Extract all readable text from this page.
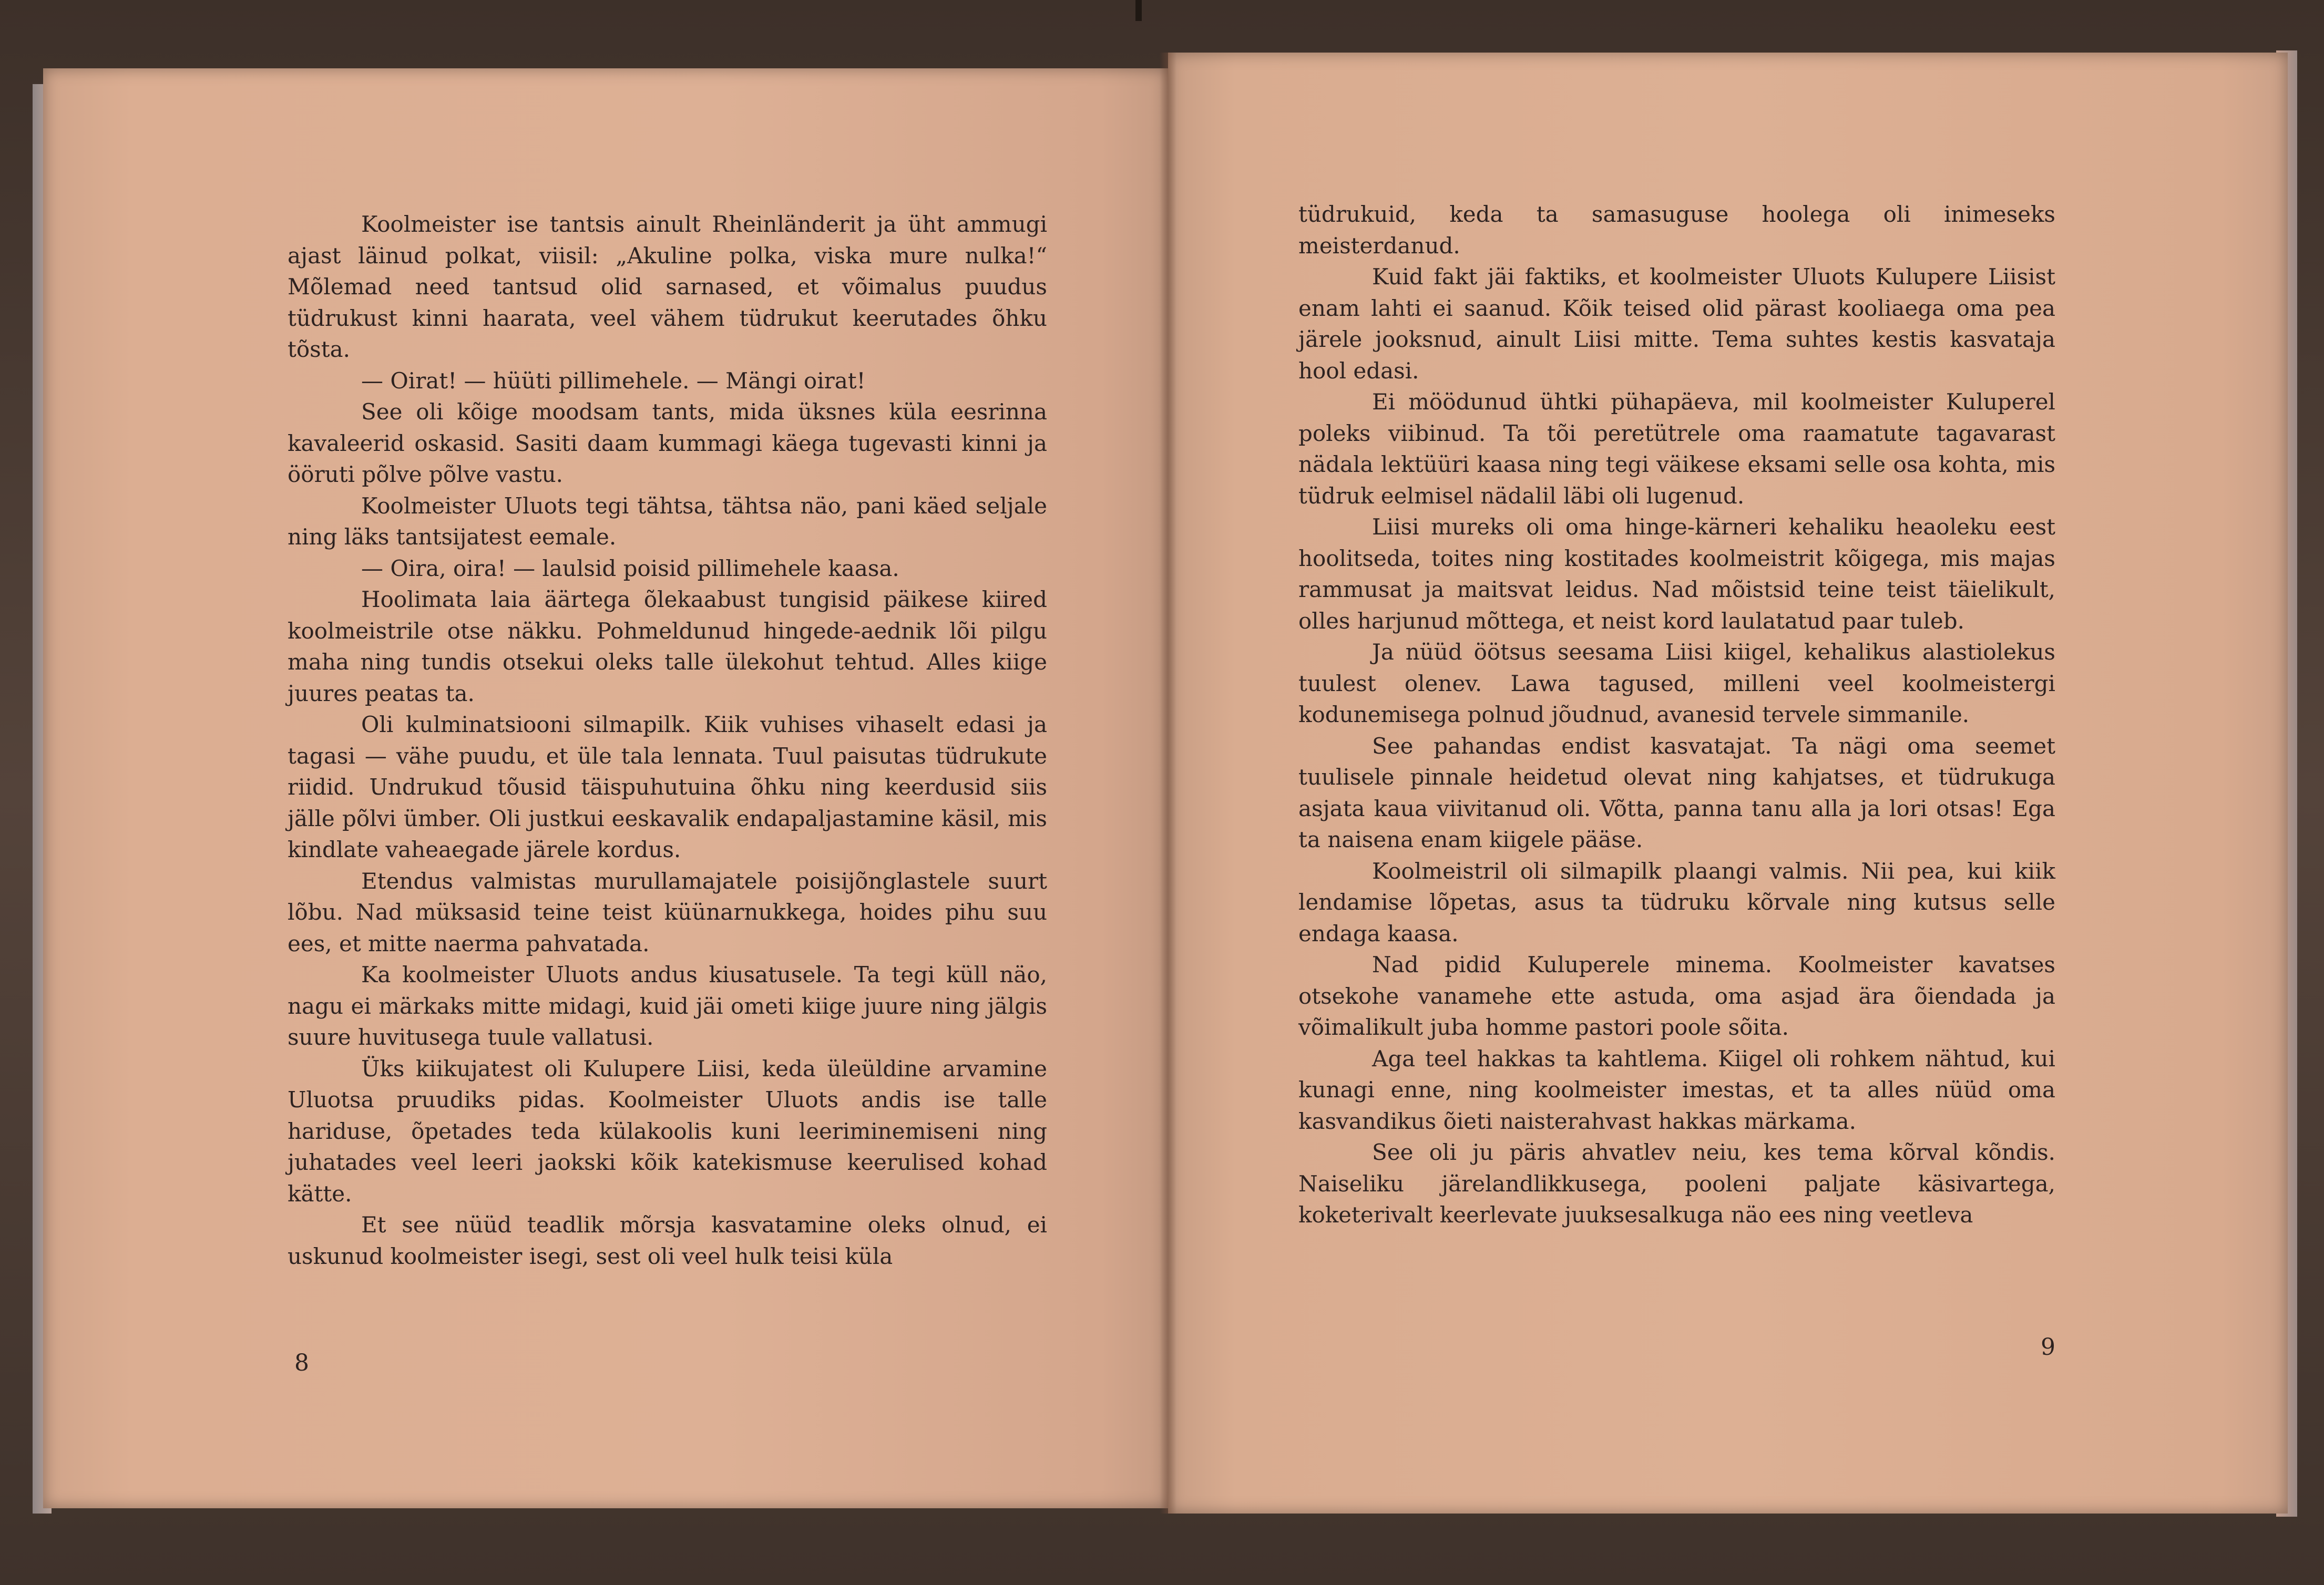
Koolmeister ise tantsis ainult Rheinländerit ja üht ammugi ajast läinud polkat, viisil: „Akuline polka, viska mure nulka!“ Mõlemad need tantsud olid sarnased, et võimalus puudus tüdrukust kinni haarata, veel vähem tüdrukut keerutades õhku tõsta.

— Oirat! — hüüti pillimehele. — Mängi oirat!

See oli kõige moodsam tants, mida üksnes küla eesrinna kavaleerid oskasid. Sasiti daam kummagi käega tugevasti kinni ja ööruti põlve põlve vastu.

Koolmeister Uluots tegi tähtsa, tähtsa näo, pani käed seljale ning läks tantsijatest eemale.

— Oira, oira! — laulsid poisid pillimehele kaasa.

Hoolimata laia äärtega õlekaabust tungisid päikese kiired koolmeistrile otse näkku. Pohmeldunud hingede-aednik lõi pilgu maha ning tundis otsekui oleks talle ülekohut tehtud. Alles kiige juures peatas ta.

Oli kulminatsiooni silmapilk. Kiik vuhises vihaselt edasi ja tagasi — vähe puudu, et üle tala lennata. Tuul paisutas tüdrukute riidid. Undrukud tõusid täispuhutuina õhku ning keerdusid siis jälle põlvi ümber. Oli justkui eeskavalik endapaljastamine käsil, mis kindlate vaheaegade järele kordus.

Etendus valmistas murullamajatele poisijõnglastele suurt lõbu. Nad müksasid teine teist küünarnukkega, hoides pihu suu ees, et mitte naerma pahvatada.

Ka koolmeister Uluots andus kiusatusele. Ta tegi küll näo, nagu ei märkaks mitte midagi, kuid jäi ometi kiige juure ning jälgis suure huvitusega tuule vallatusi.

Üks kiikujatest oli Kulupere Liisi, keda üleüldine arvamine Uluotsa pruudiks pidas. Koolmeister Uluots andis ise talle hariduse, õpetades teda külakoolis kuni leeriminemiseni ning juhatades veel leeri jaokski kõik katekismuse keerulised kohad kätte.

Et see nüüd teadlik mõrsja kasvatamine oleks olnud, ei uskunud koolmeister isegi, sest oli veel hulk teisi küla

8

tüdrukuid, keda ta samasuguse hoolega oli inimeseks meisterdanud.

Kuid fakt jäi faktiks, et koolmeister Uluots Kulupere Liisist enam lahti ei saanud. Kõik teised olid pärast kooliaega oma pea järele jooksnud, ainult Liisi mitte. Tema suhtes kestis kasvataja hool edasi.

Ei möödunud ühtki pühapäeva, mil koolmeister Kuluperel poleks viibinud. Ta tõi peretütrele oma raamatute tagavarast nädala lektüüri kaasa ning tegi väikese eksami selle osa kohta, mis tüdruk eelmisel nädalil läbi oli lugenud.

Liisi mureks oli oma hinge-kärneri kehaliku heaoleku eest hoolitseda, toites ning kostitades koolmeistrit kõigega, mis majas rammusat ja maitsvat leidus. Nad mõistsid teine teist täielikult, olles harjunud mõttega, et neist kord laulatatud paar tuleb.

Ja nüüd öötsus seesama Liisi kiigel, kehalikus alastiolekus tuulest olenev. Lawa tagused, milleni veel koolmeistergi kodunemisega polnud jõudnud, avanesid tervele simmanile.

See pahandas endist kasvatajat. Ta nägi oma seemet tuulisele pinnale heidetud olevat ning kahjatses, et tüdrukuga asjata kaua viivitanud oli. Võtta, panna tanu alla ja lori otsas! Ega ta naisena enam kiigele pääse.

Koolmeistril oli silmapilk plaangi valmis. Nii pea, kui kiik lendamise lõpetas, asus ta tüdruku kõrvale ning kutsus selle endaga kaasa.

Nad pidid Kuluperele minema. Koolmeister kavatses otsekohe vanamehe ette astuda, oma asjad ära õiendada ja võimalikult juba homme pastori poole sõita.

Aga teel hakkas ta kahtlema. Kiigel oli rohkem nähtud, kui kunagi enne, ning koolmeister imestas, et ta alles nüüd oma kasvandikus õieti naisterahvast hakkas märkama.

See oli ju päris ahvatlev neiu, kes tema kõrval kõndis. Naiseliku järelandlikkusega, pooleni paljate käsivartega, koketerivalt keerlevate juuksesalkuga näo ees ning veetleva

9
